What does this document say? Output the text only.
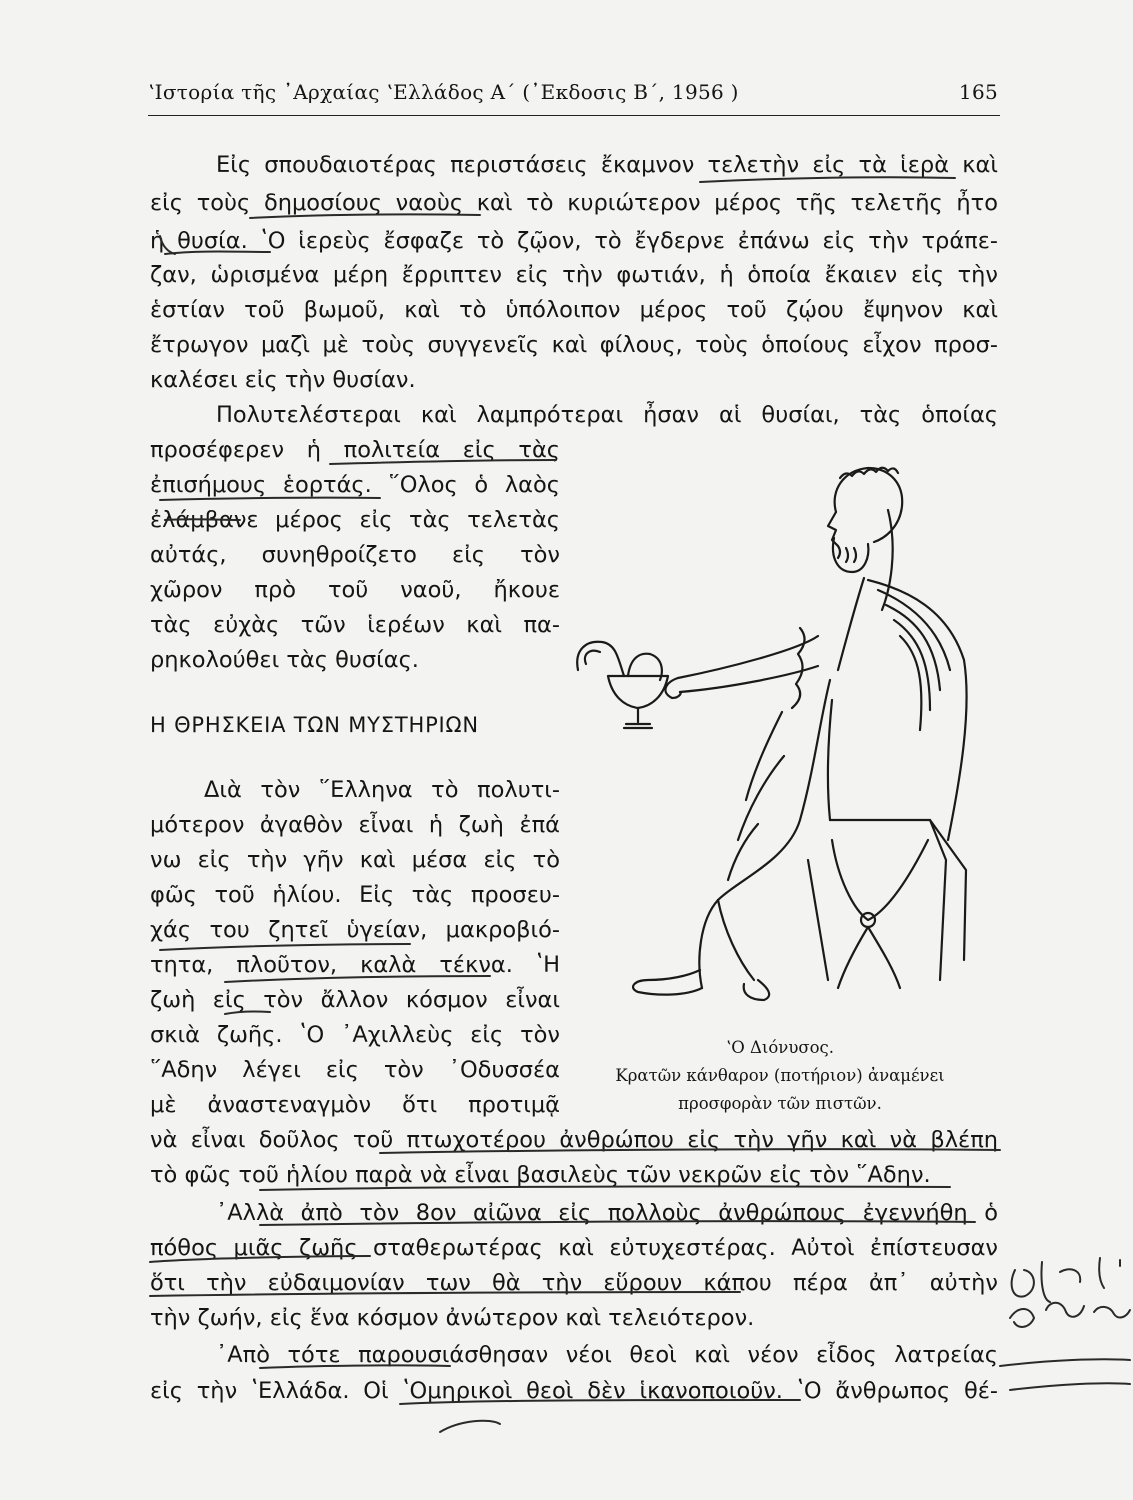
ʽΙστορία τῆς ᾿Αρχαίας ʽΕλλάδος Α΄ (᾿Εκδοσις Β΄, 1956 )	165
Εἰς σπουδαιοτέρας περιστάσεις ἔκαμνον τελετὴν εἰς τὰ ἱερὰ καὶ
εἰς τοὺς δημοσίους ναοὺς καὶ τὸ κυριώτερον μέρος τῆς τελετῆς ἦτο
ἡ θυσία. ʽΟ ἱερεὺς ἔσφαζε τὸ ζῷον, τὸ ἔγδερνε ἐπάνω εἰς τὴν τράπε-
ζαν, ὡρισμένα μέρη ἔρριπτεν εἰς τὴν φωτιάν, ἡ ὁποία ἔκαιεν εἰς τὴν
ἑστίαν τοῦ βωμοῦ, καὶ τὸ ὑπόλοιπον μέρος τοῦ ζῴου ἔψηνον καὶ
ἔτρωγον μαζὶ μὲ τοὺς συγγενεῖς καὶ φίλους, τοὺς ὁποίους εἶχον προσ-
καλέσει εἰς τὴν θυσίαν.
Πολυτελέστεραι καὶ λαμπρότεραι ἦσαν αἱ θυσίαι, τὰς ὁποίας
προσέφερεν ἡ πολιτεία εἰς τὰς
ἐπισήμους ἑορτάς. ῞Ολος ὁ λαὸς
ἐλάμβανε μέρος εἰς τὰς τελετὰς
αὐτάς, συνηθροίζετο εἰς τὸν
χῶρον πρὸ τοῦ ναοῦ, ἤκουε
τὰς εὐχὰς τῶν ἱερέων καὶ πα-
ρηκολούθει τὰς θυσίας.
Η ΘΡΗΣΚΕΙΑ ΤΩΝ ΜΥΣΤΗΡΙΩΝ
Διὰ τὸν ῞Ελληνα τὸ πολυτι-
μότερον ἀγαθὸν εἶναι ἡ ζωὴ ἐπά
νω εἰς τὴν γῆν καὶ μέσα εἰς τὸ
φῶς τοῦ ἡλίου. Εἰς τὰς προσευ-
χάς του ζητεῖ ὑγείαν, μακροβιό-
τητα, πλοῦτον, καλὰ τέκνα. ʽΗ
ζωὴ εἰς τὸν ἄλλον κόσμον εἶναι
σκιὰ ζωῆς. ʽΟ ᾿Αχιλλεὺς εἰς τὸν
῞Αδην λέγει εἰς τὸν ᾿Οδυσσέα
μὲ ἀναστεναγμὸν ὅτι προτιμᾷ
νὰ εἶναι δοῦλος τοῦ πτωχοτέρου ἀνθρώπου εἰς τὴν γῆν καὶ νὰ βλέπη
τὸ φῶς τοῦ ἡλίου παρὰ νὰ εἶναι βασιλεὺς τῶν νεκρῶν εἰς τὸν ῞Αδην.
᾿Αλλὰ ἀπὸ τὸν 8ον αἰῶνα εἰς πολλοὺς ἀνθρώπους ἐγεννήθη ὁ
πόθος μιᾶς ζωῆς σταθερωτέρας καὶ εὐτυχεστέρας. Αὐτοὶ ἐπίστευσαν
ὅτι τὴν εὐδαιμονίαν των θὰ τὴν εὕρουν κάπου πέρα ἀπ᾿ αὐτὴν
τὴν ζωήν, εἰς ἕνα κόσμον ἀνώτερον καὶ τελειότερον.
᾿Απὸ τότε παρουσιάσθησαν νέοι θεοὶ καὶ νέον εἶδος λατρείας
εἰς τὴν ʽΕλλάδα. Οἱ ʽΟμηρικοὶ θεοὶ δὲν ἱκανοποιοῦν. ʽΟ ἄνθρωπος θέ-
ʽΟ Διόνυσος.
Κρατῶν κάνθαρον (ποτήριον) ἀναμένει
προσφορὰν τῶν πιστῶν.
